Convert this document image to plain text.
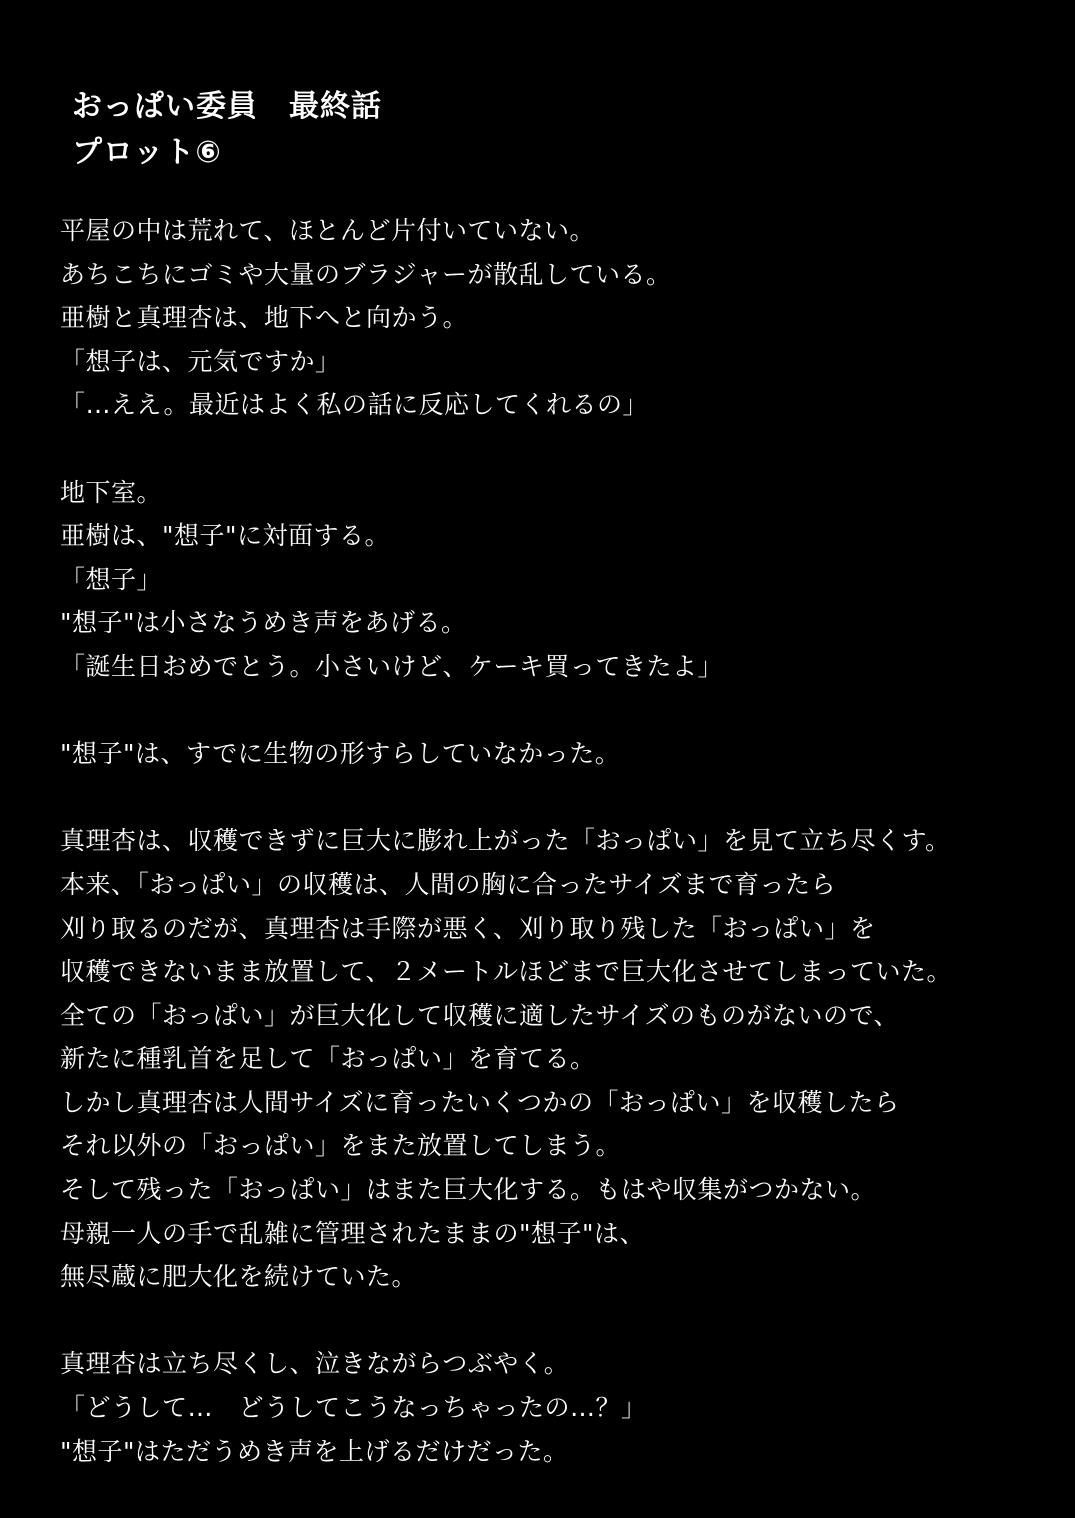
おっぱい委員　最終話
プロット⑥
平屋の中は荒れて、ほとんど片付いていない。
あちこちにゴミや大量のブラジャーが散乱している。
亜樹と真理杏は、地下へと向かう。
「想子は、元気ですか」
「…ええ。最近はよく私の話に反応してくれるの」
地下室。
亜樹は、"想子"に対面する。
「想子」
"想子"は小さなうめき声をあげる。
「誕生日おめでとう。小さいけど、ケーキ買ってきたよ」
"想子"は、すでに生物の形すらしていなかった。
真理杏は、収穫できずに巨大に膨れ上がった「おっぱい」を見て立ち尽くす。
本来、「おっぱい」の収穫は、人間の胸に合ったサイズまで育ったら
刈り取るのだが、真理杏は手際が悪く、刈り取り残した「おっぱい」を
収穫できないまま放置して、２メートルほどまで巨大化させてしまっていた。
全ての「おっぱい」が巨大化して収穫に適したサイズのものがないので、
新たに種乳首を足して「おっぱい」を育てる。
しかし真理杏は人間サイズに育ったいくつかの「おっぱい」を収穫したら
それ以外の「おっぱい」をまた放置してしまう。
そして残った「おっぱい」はまた巨大化する。もはや収集がつかない。
母親一人の手で乱雑に管理されたままの"想子"は、
無尽蔵に肥大化を続けていた。
真理杏は立ち尽くし、泣きながらつぶやく。
「どうして…　どうしてこうなっちゃったの…？」
"想子"はただうめき声を上げるだけだった。
